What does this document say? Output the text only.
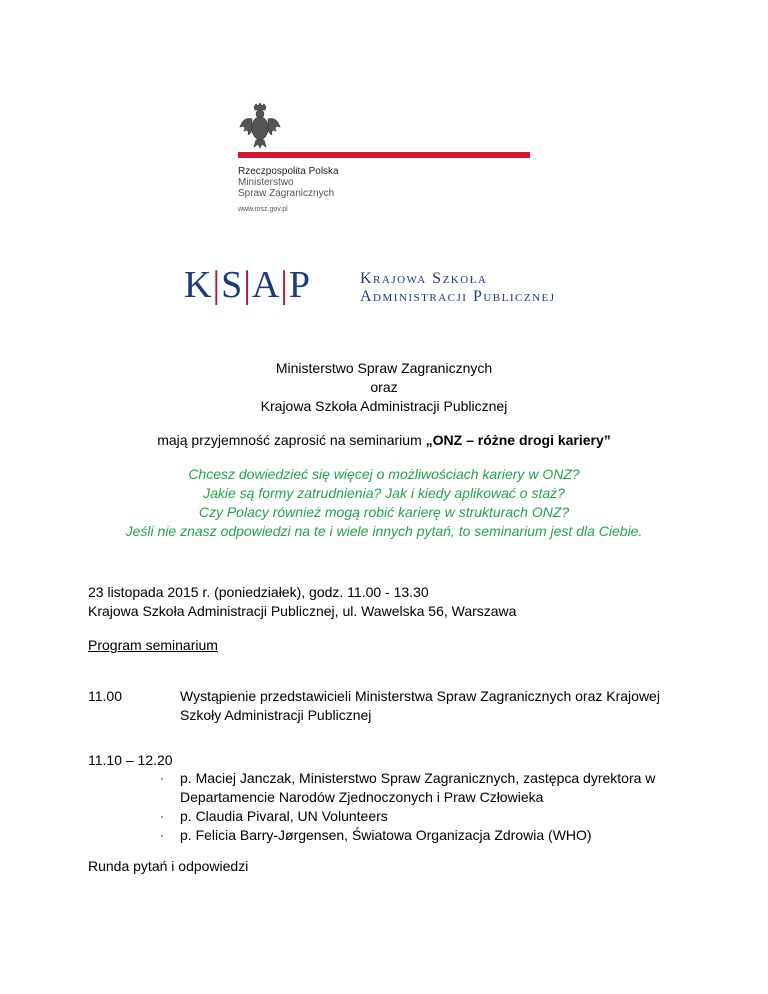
Rzeczpospolita Polska
Ministerstwo
Spraw Zagranicznych
www.msz.gov.pl
K|S|A|P	Krajowa Szkoła
Administracji Publicznej
Ministerstwo Spraw Zagranicznych
oraz
Krajowa Szkoła Administracji Publicznej
mają przyjemność zaprosić na seminarium „ONZ – różne drogi kariery”
Chcesz dowiedzieć się więcej o możliwościach kariery w ONZ?
Jakie są formy zatrudnienia? Jak i kiedy aplikować o staż?
Czy Polacy również mogą robić karierę w strukturach ONZ?
Jeśli nie znasz odpowiedzi na te i wiele innych pytań, to seminarium jest dla Ciebie.
23 listopada 2015 r. (poniedziałek), godz. 11.00 - 13.30
Krajowa Szkoła Administracji Publicznej, ul. Wawelska 56, Warszawa
Program seminarium
11.00	Wystąpienie przedstawicieli Ministerstwa Spraw Zagranicznych oraz Krajowej
Szkoły Administracji Publicznej
11.10 – 12.20
· p. Maciej Janczak, Ministerstwo Spraw Zagranicznych, zastępca dyrektora w
Departamencie Narodów Zjednoczonych i Praw Człowieka
· p. Claudia Pivaral, UN Volunteers
· p. Felicia Barry-Jørgensen, Światowa Organizacja Zdrowia (WHO)
Runda pytań i odpowiedzi
